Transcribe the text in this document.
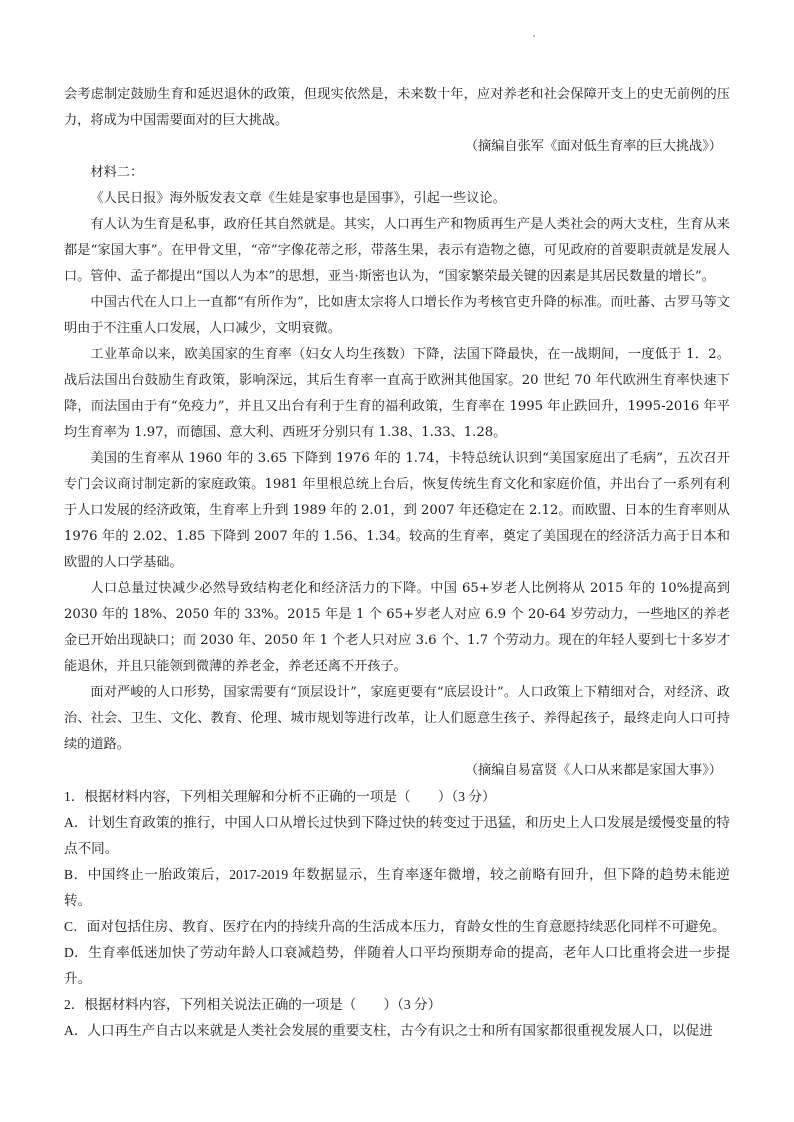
会考虑制定鼓励生育和延迟退休的政策，但现实依然是，未来数十年，应对养老和社会保障开支上的史无前例的压力，将成为中国需要面对的巨大挑战。

（摘编自张军《面对低生育率的巨大挑战》）

材料二：

《人民日报》海外版发表文章《生娃是家事也是国事》，引起一些议论。

有人认为生育是私事，政府任其自然就是。其实，人口再生产和物质再生产是人类社会的两大支柱，生育从来都是“家国大事”。在甲骨文里，“帝”字像花蒂之形，带落生果，表示有造物之德，可见政府的首要职责就是发展人口。管仲、孟子都提出“国以人为本”的思想，亚当·斯密也认为，“国家繁荣最关键的因素是其居民数量的增长”。

中国古代在人口上一直都“有所作为”，比如唐太宗将人口增长作为考核官吏升降的标准。而吐蕃、古罗马等文明由于不注重人口发展，人口减少，文明衰微。

工业革命以来，欧美国家的生育率（妇女人均生孩数）下降，法国下降最快，在一战期间，一度低于 1．2。战后法国出台鼓励生育政策，影响深远，其后生育率一直高于欧洲其他国家。20 世纪 70 年代欧洲生育率快速下降，而法国由于有“免疫力”，并且又出台有利于生育的福利政策，生育率在 1995 年止跌回升，1995-2016 年平均生育率为 1.97，而德国、意大利、西班牙分别只有 1.38、1.33、1.28。

美国的生育率从 1960 年的 3.65 下降到 1976 年的 1.74，卡特总统认识到“美国家庭出了毛病”，五次召开专门会议商讨制定新的家庭政策。1981 年里根总统上台后，恢复传统生育文化和家庭价值，并出台了一系列有利于人口发展的经济政策，生育率上升到 1989 年的 2.01，到 2007 年还稳定在 2.12。而欧盟、日本的生育率则从 1976 年的 2.02、1.85 下降到 2007 年的 1.56、1.34。较高的生育率，奠定了美国现在的经济活力高于日本和欧盟的人口学基础。

人口总量过快减少必然导致结构老化和经济活力的下降。中国 65+岁老人比例将从 2015 年的 10%提高到 2030 年的 18%、2050 年的 33%。2015 年是 1 个 65+岁老人对应 6.9 个 20-64 岁劳动力，一些地区的养老金已开始出现缺口；而 2030 年、2050 年 1 个老人只对应 3.6 个、1.7 个劳动力。现在的年轻人要到七十多岁才能退休，并且只能领到微薄的养老金，养老还离不开孩子。

面对严峻的人口形势，国家需要有“顶层设计”，家庭更要有“底层设计”。人口政策上下精细对合，对经济、政治、社会、卫生、文化、教育、伦理、城市规划等进行改革，让人们愿意生孩子、养得起孩子，最终走向人口可持续的道路。

（摘编自易富贤《人口从来都是家国大事》）

1．根据材料内容，下列相关理解和分析不正确的一项是（　　）（3 分）

A．计划生育政策的推行，中国人口从增长过快到下降过快的转变过于迅猛，和历史上人口发展是缓慢变量的特点不同。

B．中国终止一胎政策后，2017-2019 年数据显示，生育率逐年微增，较之前略有回升，但下降的趋势未能逆转。

C．面对包括住房、教育、医疗在内的持续升高的生活成本压力，育龄女性的生育意愿持续恶化同样不可避免。

D．生育率低迷加快了劳动年龄人口衰减趋势，伴随着人口平均预期寿命的提高，老年人口比重将会进一步提升。

2．根据材料内容，下列相关说法正确的一项是（　　）（3 分）

A．人口再生产自古以来就是人类社会发展的重要支柱，古今有识之士和所有国家都很重视发展人口，以促进
